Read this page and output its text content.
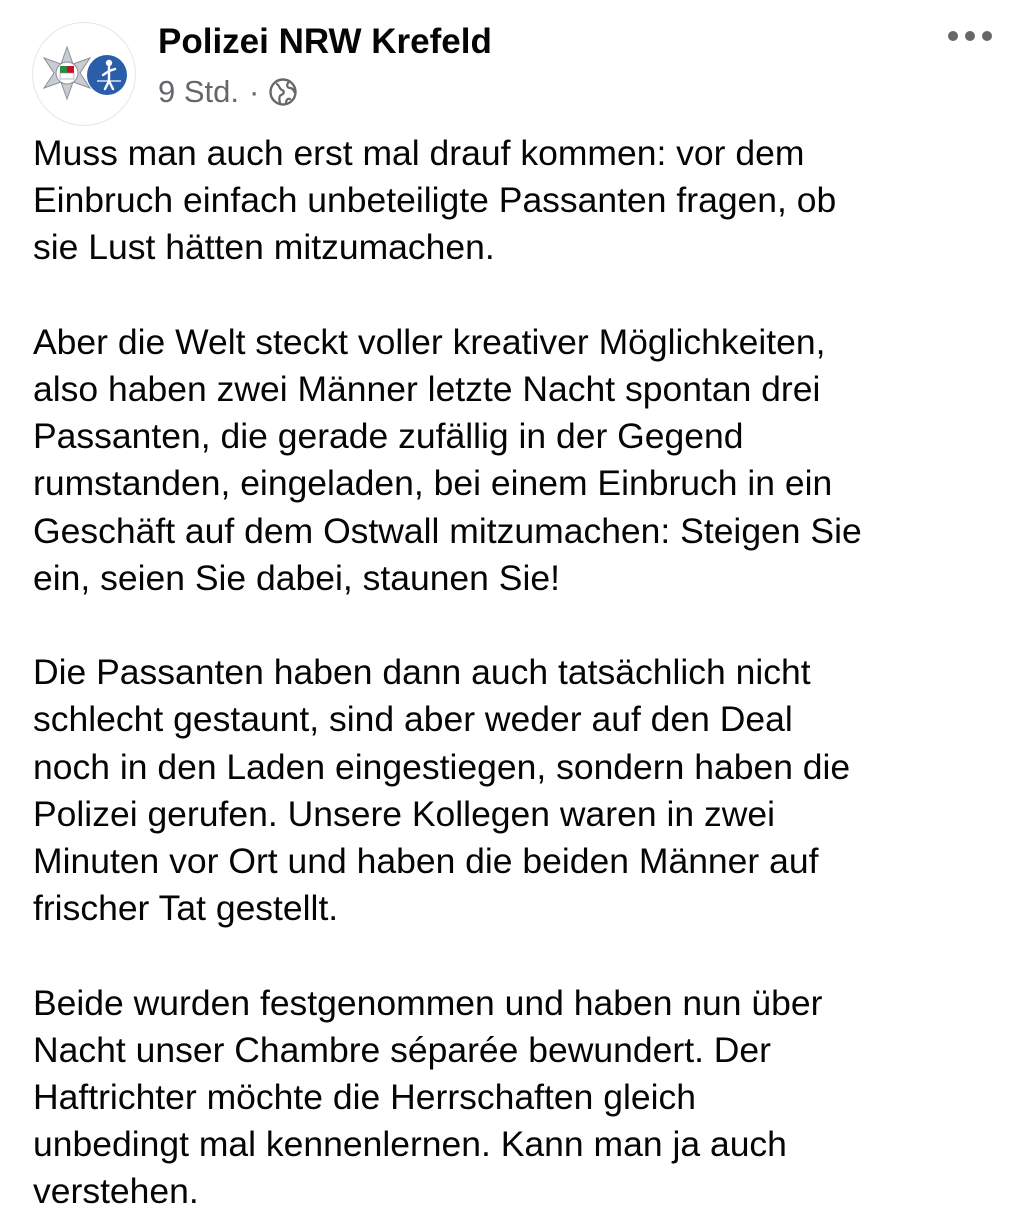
Polizei NRW Krefeld
9 Std. ·

Muss man auch erst mal drauf kommen: vor dem
Einbruch einfach unbeteiligte Passanten fragen, ob
sie Lust hätten mitzumachen.

Aber die Welt steckt voller kreativer Möglichkeiten,
also haben zwei Männer letzte Nacht spontan drei
Passanten, die gerade zufällig in der Gegend
rumstanden, eingeladen, bei einem Einbruch in ein
Geschäft auf dem Ostwall mitzumachen: Steigen Sie
ein, seien Sie dabei, staunen Sie!

Die Passanten haben dann auch tatsächlich nicht
schlecht gestaunt, sind aber weder auf den Deal
noch in den Laden eingestiegen, sondern haben die
Polizei gerufen. Unsere Kollegen waren in zwei
Minuten vor Ort und haben die beiden Männer auf
frischer Tat gestellt.

Beide wurden festgenommen und haben nun über
Nacht unser Chambre séparée bewundert. Der
Haftrichter möchte die Herrschaften gleich
unbedingt mal kennenlernen. Kann man ja auch
verstehen.
